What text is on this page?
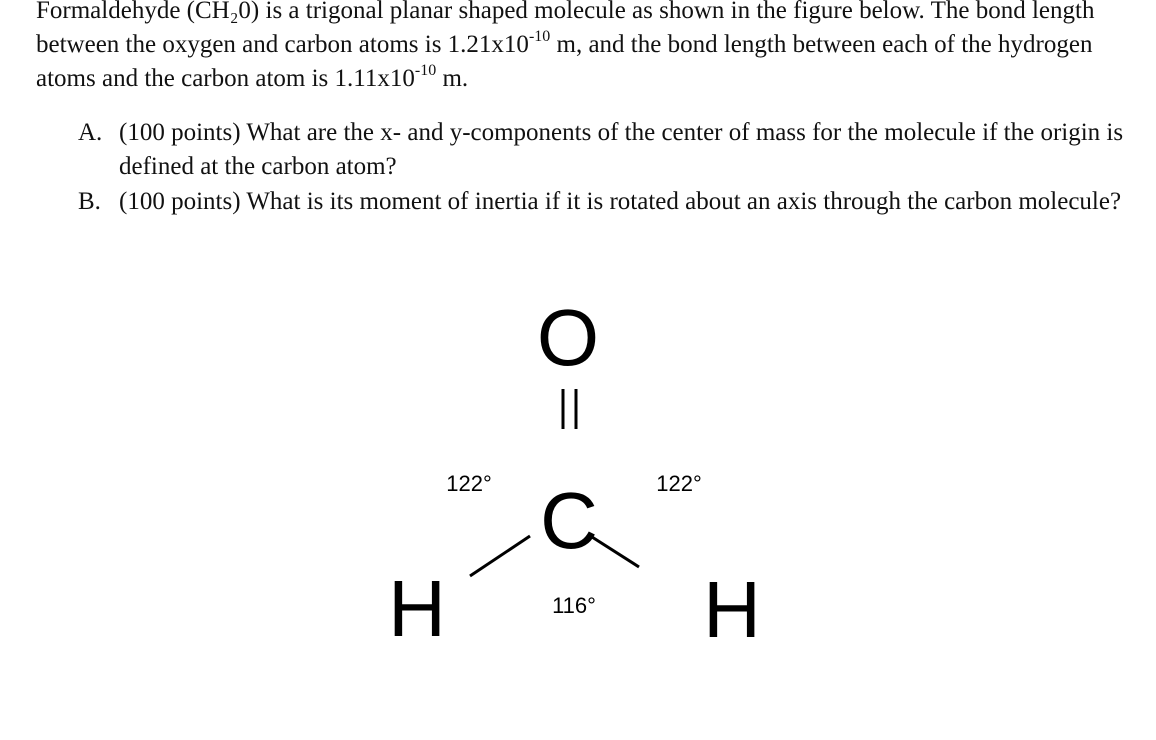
Formaldehyde (CH₂0) is a trigonal planar shaped molecule as shown in the figure below. The bond length between the oxygen and carbon atoms is $1.21x10^{-10}$ m, and the bond length between each of the hydrogen atoms and the carbon atom is $1.11x10^{-10}$ m.

A. (100 points) What are the x- and y-components of the center of mass for the molecule if the origin is defined at the carbon atom?
B. (100 points) What is its moment of inertia if it is rotated about an axis through the carbon molecule?
O
C
H	H
122°	122°
116°
